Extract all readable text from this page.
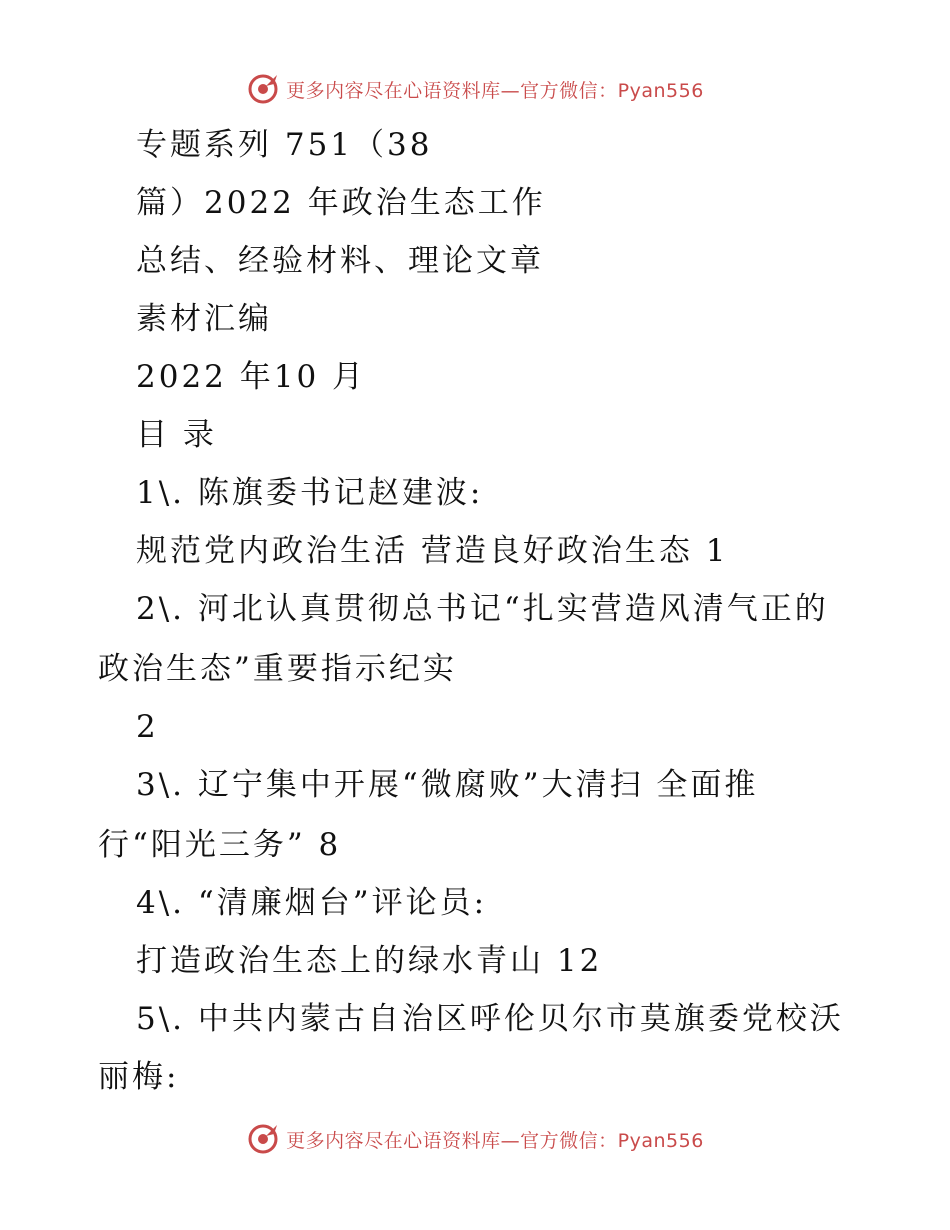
更多内容尽在心语资料库—官方微信：Pyan556
专题系列 751（38
篇）2022 年政治生态工作
总结、经验材料、理论文章
素材汇编
2022 年10 月
目 录
1\. 陈旗委书记赵建波:
规范党内政治生活 营造良好政治生态 1
2\. 河北认真贯彻总书记“扎实营造风清气正的
政治生态”重要指示纪实
2
3\. 辽宁集中开展“微腐败”大清扫 全面推
行“阳光三务” 8
4\. “清廉烟台”评论员:
打造政治生态上的绿水青山 12
5\. 中共内蒙古自治区呼伦贝尔市莫旗委党校沃
丽梅:
更多内容尽在心语资料库—官方微信：Pyan556
